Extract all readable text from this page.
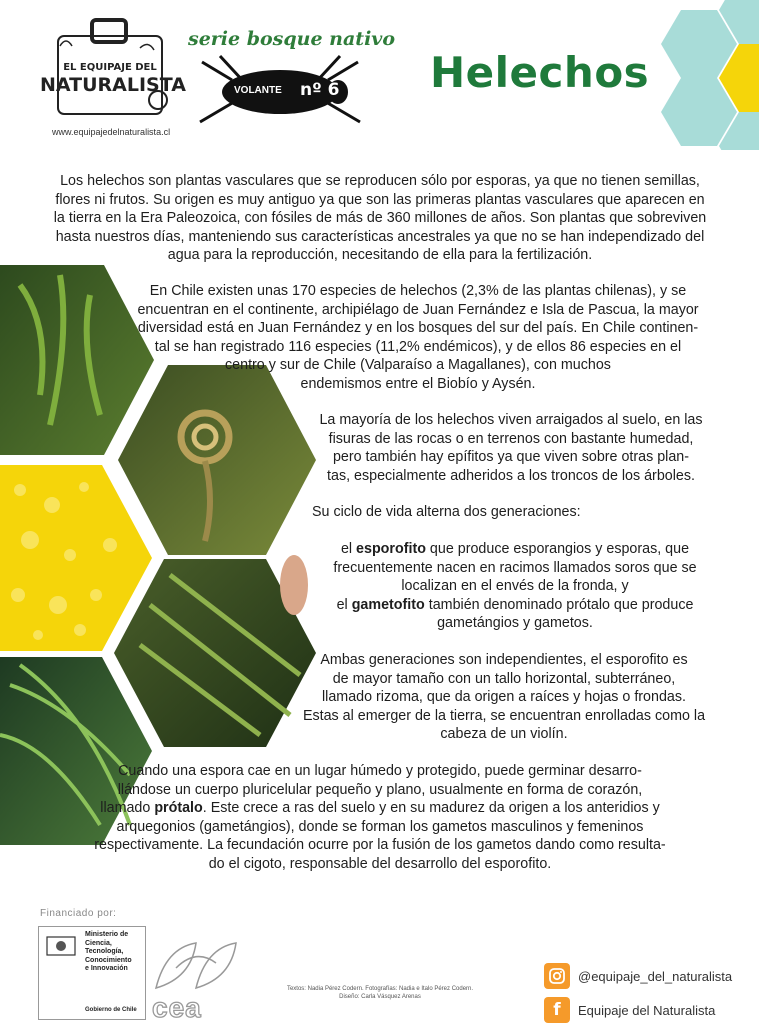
EL EQUIPAJE DEL
NATURALISTA
www.equipajedelnaturalista.cl
serie bosque nativo
VOLANTE nº 6 Helechos
Los helechos son plantas vasculares que se reproducen sólo por esporas, ya que no tienen semillas,
flores ni frutos. Su origen es muy antiguo ya que son las primeras plantas vasculares que aparecen en
la tierra en la Era Paleozoica, con fósiles de más de 360 millones de años. Son plantas que sobreviven
hasta nuestros días, manteniendo sus características ancestrales ya que no se han independizado del
agua para la reproducción, necesitando de ella para la fertilización.
En Chile existen unas 170 especies de helechos (2,3% de las plantas chilenas), y se
encuentran en el continente, archipiélago de Juan Fernández e Isla de Pascua, la mayor
diversidad está en Juan Fernández y en los bosques del sur del país. En Chile continen-
tal se han registrado 116 especies (11,2% endémicos), y de ellos 86 especies en el
centro y sur de Chile (Valparaíso a Magallanes), con muchos
endemismos entre el Biobío y Aysén.
La mayoría de los helechos viven arraigados al suelo, en las
fisuras de las rocas o en terrenos con bastante humedad,
pero también hay epífitos ya que viven sobre otras plan-
tas, especialmente adheridos a los troncos de los árboles.
Su ciclo de vida alterna dos generaciones:
el esporofito que produce esporangios y esporas, que
frecuentemente nacen en racimos llamados soros que se
localizan en el envés de la fronda, y
el gametofito también denominado prótalo que produce
gametángios y gametos.
Ambas generaciones son independientes, el esporofito es
de mayor tamaño con un tallo horizontal, subterráneo,
llamado rizoma, que da origen a raíces y hojas o frondas.
Estas al emerger de la tierra, se encuentran enrolladas como la
cabeza de un violín.
Cuando una espora cae en un lugar húmedo y protegido, puede germinar desarro-
llándose un cuerpo pluricelular pequeño y plano, usualmente en forma de corazón,
llamado prótalo. Este crece a ras del suelo y en su madurez da origen a los anteridios y
arquegonios (gametángios), donde se forman los gametos masculinos y femeninos
respectivamente. La fecundación ocurre por la fusión de los gametos dando como resulta-
do el cigoto, responsable del desarrollo del esporofito.
Financiado por:
Ministerio de
Ciencia,
Tecnología,
Conocimiento
e Innovación
Gobierno de Chile cea
Textos: Nadia Pérez Codern. Fotografías: Nadia e Italo Pérez Codern.
Diseño: Carla Vásquez Arenas
@equipaje_del_naturalista
f	Equipaje del Naturalista
